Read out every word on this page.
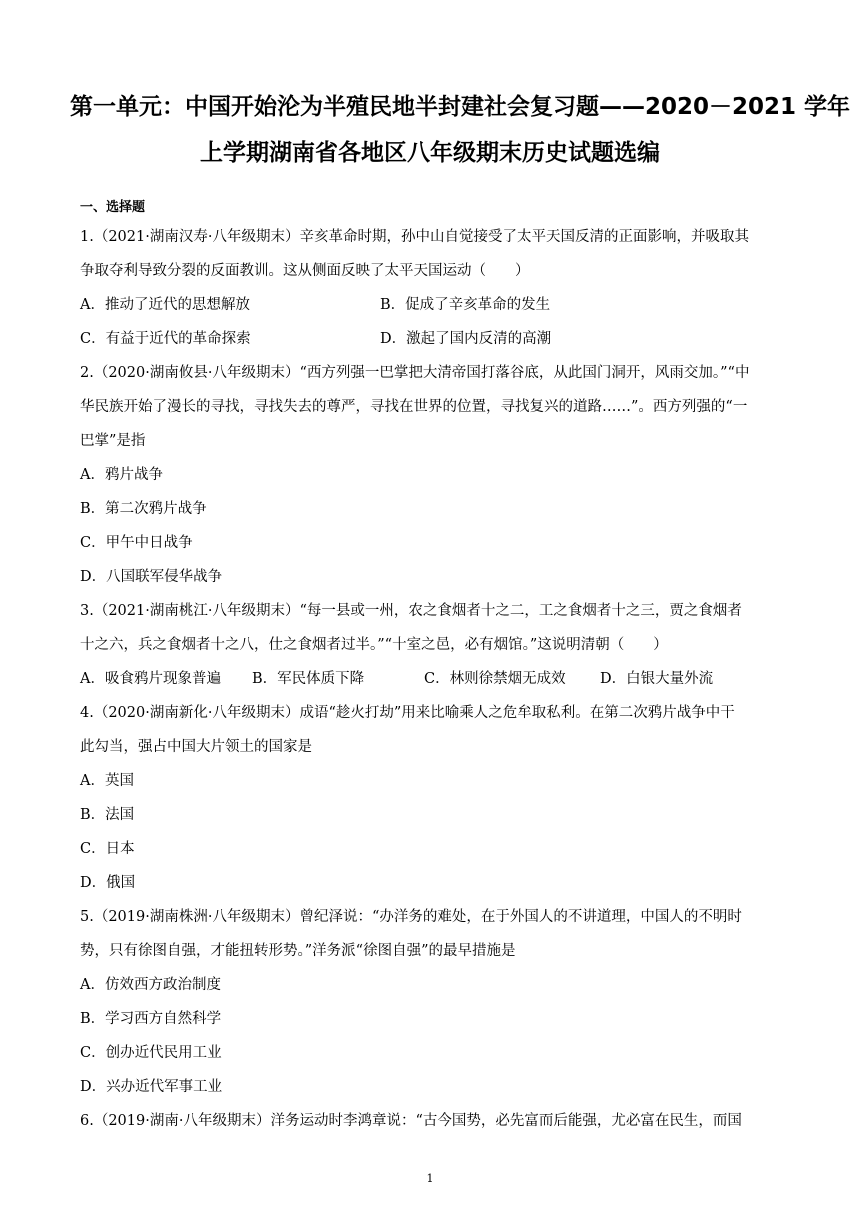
第一单元：中国开始沦为半殖民地半封建社会复习题——2020－2021 学年
上学期湖南省各地区八年级期末历史试题选编
一、选择题
1.（2021·湖南汉寿·八年级期末）辛亥革命时期，孙中山自觉接受了太平天国反清的正面影响，并吸取其
争取夺利导致分裂的反面教训。这从侧面反映了太平天国运动（　　）
A．推动了近代的思想解放	B．促成了辛亥革命的发生
C．有益于近代的革命探索	D．激起了国内反清的高潮
2.（2020·湖南攸县·八年级期末）“西方列强一巴掌把大清帝国打落谷底，从此国门洞开，风雨交加。”“中
华民族开始了漫长的寻找，寻找失去的尊严，寻找在世界的位置，寻找复兴的道路……”。西方列强的“一
巴掌”是指
A．鸦片战争
B．第二次鸦片战争
C．甲午中日战争
D．八国联军侵华战争
3.（2021·湖南桃江·八年级期末）“每一县或一州，农之食烟者十之二，工之食烟者十之三，贾之食烟者
十之六，兵之食烟者十之八，仕之食烟者过半。”“十室之邑，必有烟馆。”这说明清朝（　　）
A．吸食鸦片现象普遍	B．军民体质下降	C．林则徐禁烟无成效	D．白银大量外流
4.（2020·湖南新化·八年级期末）成语“趁火打劫”用来比喻乘人之危牟取私利。在第二次鸦片战争中干
此勾当，强占中国大片领土的国家是
A．英国
B．法国
C．日本
D．俄国
5.（2019·湖南株洲·八年级期末）曾纪泽说：“办洋务的难处，在于外国人的不讲道理，中国人的不明时
势，只有徐图自强，才能扭转形势。”洋务派“徐图自强”的最早措施是
A．仿效西方政治制度
B．学习西方自然科学
C．创办近代民用工业
D．兴办近代军事工业
6.（2019·湖南·八年级期末）洋务运动时李鸿章说：“古今国势，必先富而后能强，尤必富在民生，而国
1
